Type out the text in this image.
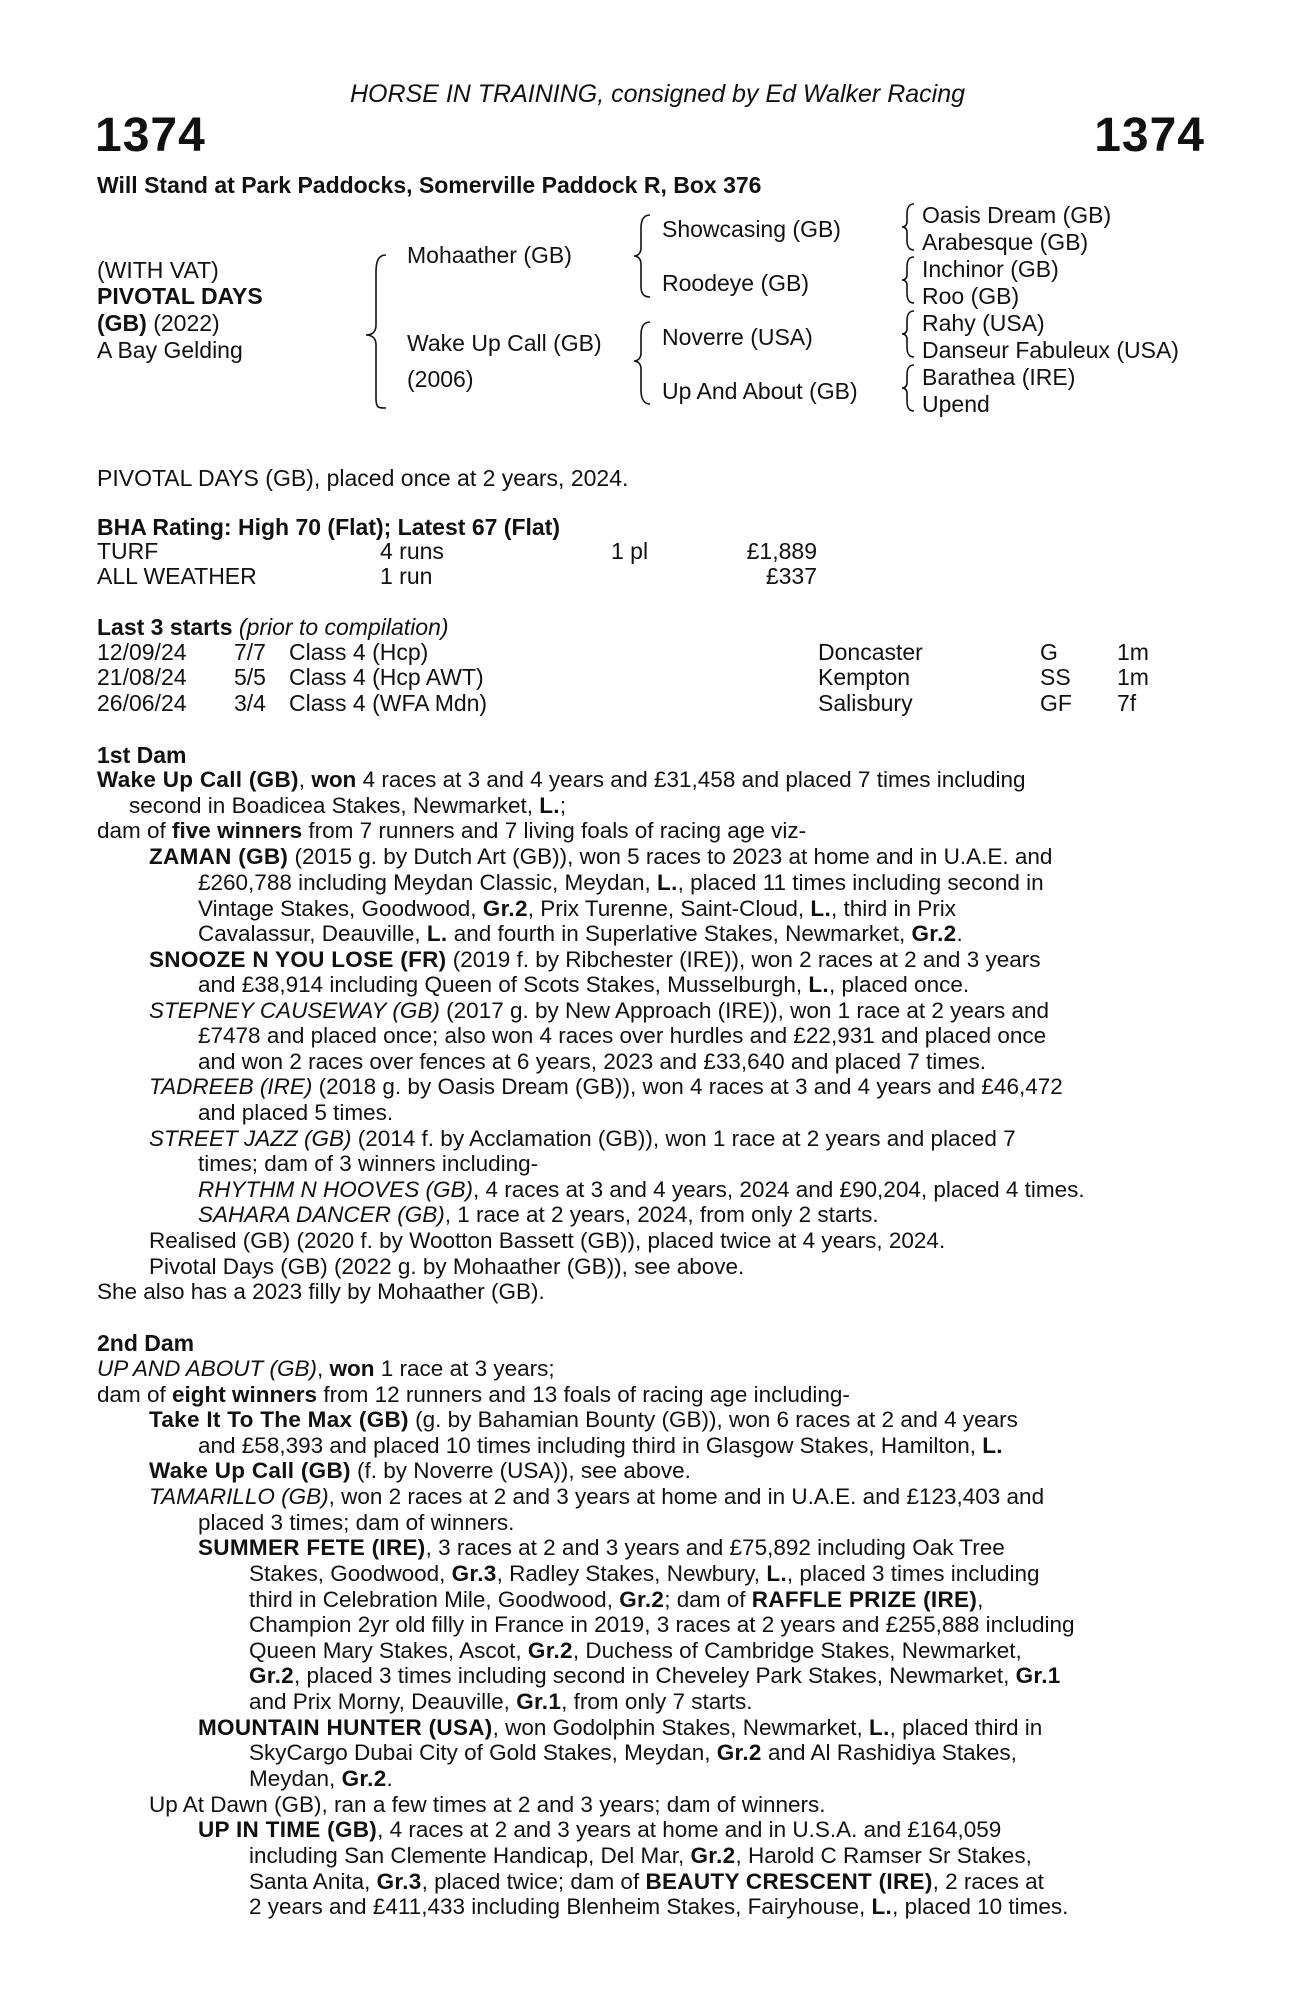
HORSE IN TRAINING, consigned by Ed Walker Racing
1374	1374
Will Stand at Park Paddocks, Somerville Paddock R, Box 376
(WITH VAT)
PIVOTAL DAYS
(GB) (2022)
A Bay Gelding
Mohaather (GB)
Wake Up Call (GB)
(2006)
Showcasing (GB)
Roodeye (GB)
Noverre (USA)
Up And About (GB)
Oasis Dream (GB)
Arabesque (GB)
Inchinor (GB)
Roo (GB)
Rahy (USA)
Danseur Fabuleux (USA)
Barathea (IRE)
Upend
PIVOTAL DAYS (GB), placed once at 2 years, 2024.
BHA Rating: High 70 (Flat); Latest 67 (Flat)
TURF	4 runs	1 pl	£1,889
ALL WEATHER	1 run	£337
Last 3 starts (prior to compilation)
12/09/24 7/7 Class 4 (Hcp)	Doncaster	G	1m
21/08/24 5/5 Class 4 (Hcp AWT)	Kempton	SS 1m
26/06/24 3/4 Class 4 (WFA Mdn)	Salisbury	GF 7f
1st Dam
Wake Up Call (GB), won 4 races at 3 and 4 years and £31,458 and placed 7 times including
second in Boadicea Stakes, Newmarket, L.;
dam of five winners from 7 runners and 7 living foals of racing age viz-
ZAMAN (GB) (2015 g. by Dutch Art (GB)), won 5 races to 2023 at home and in U.A.E. and
£260,788 including Meydan Classic, Meydan, L., placed 11 times including second in
Vintage Stakes, Goodwood, Gr.2, Prix Turenne, Saint-Cloud, L., third in Prix
Cavalassur, Deauville, L. and fourth in Superlative Stakes, Newmarket, Gr.2.
SNOOZE N YOU LOSE (FR) (2019 f. by Ribchester (IRE)), won 2 races at 2 and 3 years
and £38,914 including Queen of Scots Stakes, Musselburgh, L., placed once.
STEPNEY CAUSEWAY (GB) (2017 g. by New Approach (IRE)), won 1 race at 2 years and
£7478 and placed once; also won 4 races over hurdles and £22,931 and placed once
and won 2 races over fences at 6 years, 2023 and £33,640 and placed 7 times.
TADREEB (IRE) (2018 g. by Oasis Dream (GB)), won 4 races at 3 and 4 years and £46,472
and placed 5 times.
STREET JAZZ (GB) (2014 f. by Acclamation (GB)), won 1 race at 2 years and placed 7
times; dam of 3 winners including-
RHYTHM N HOOVES (GB), 4 races at 3 and 4 years, 2024 and £90,204, placed 4 times.
SAHARA DANCER (GB), 1 race at 2 years, 2024, from only 2 starts.
Realised (GB) (2020 f. by Wootton Bassett (GB)), placed twice at 4 years, 2024.
Pivotal Days (GB) (2022 g. by Mohaather (GB)), see above.
She also has a 2023 filly by Mohaather (GB).
2nd Dam
UP AND ABOUT (GB), won 1 race at 3 years;
dam of eight winners from 12 runners and 13 foals of racing age including-
Take It To The Max (GB) (g. by Bahamian Bounty (GB)), won 6 races at 2 and 4 years
and £58,393 and placed 10 times including third in Glasgow Stakes, Hamilton, L.
Wake Up Call (GB) (f. by Noverre (USA)), see above.
TAMARILLO (GB), won 2 races at 2 and 3 years at home and in U.A.E. and £123,403 and
placed 3 times; dam of winners.
SUMMER FETE (IRE), 3 races at 2 and 3 years and £75,892 including Oak Tree
Stakes, Goodwood, Gr.3, Radley Stakes, Newbury, L., placed 3 times including
third in Celebration Mile, Goodwood, Gr.2; dam of RAFFLE PRIZE (IRE),
Champion 2yr old filly in France in 2019, 3 races at 2 years and £255,888 including
Queen Mary Stakes, Ascot, Gr.2, Duchess of Cambridge Stakes, Newmarket,
Gr.2, placed 3 times including second in Cheveley Park Stakes, Newmarket, Gr.1
and Prix Morny, Deauville, Gr.1, from only 7 starts.
MOUNTAIN HUNTER (USA), won Godolphin Stakes, Newmarket, L., placed third in
SkyCargo Dubai City of Gold Stakes, Meydan, Gr.2 and Al Rashidiya Stakes,
Meydan, Gr.2.
Up At Dawn (GB), ran a few times at 2 and 3 years; dam of winners.
UP IN TIME (GB), 4 races at 2 and 3 years at home and in U.S.A. and £164,059
including San Clemente Handicap, Del Mar, Gr.2, Harold C Ramser Sr Stakes,
Santa Anita, Gr.3, placed twice; dam of BEAUTY CRESCENT (IRE), 2 races at
2 years and £411,433 including Blenheim Stakes, Fairyhouse, L., placed 10 times.
